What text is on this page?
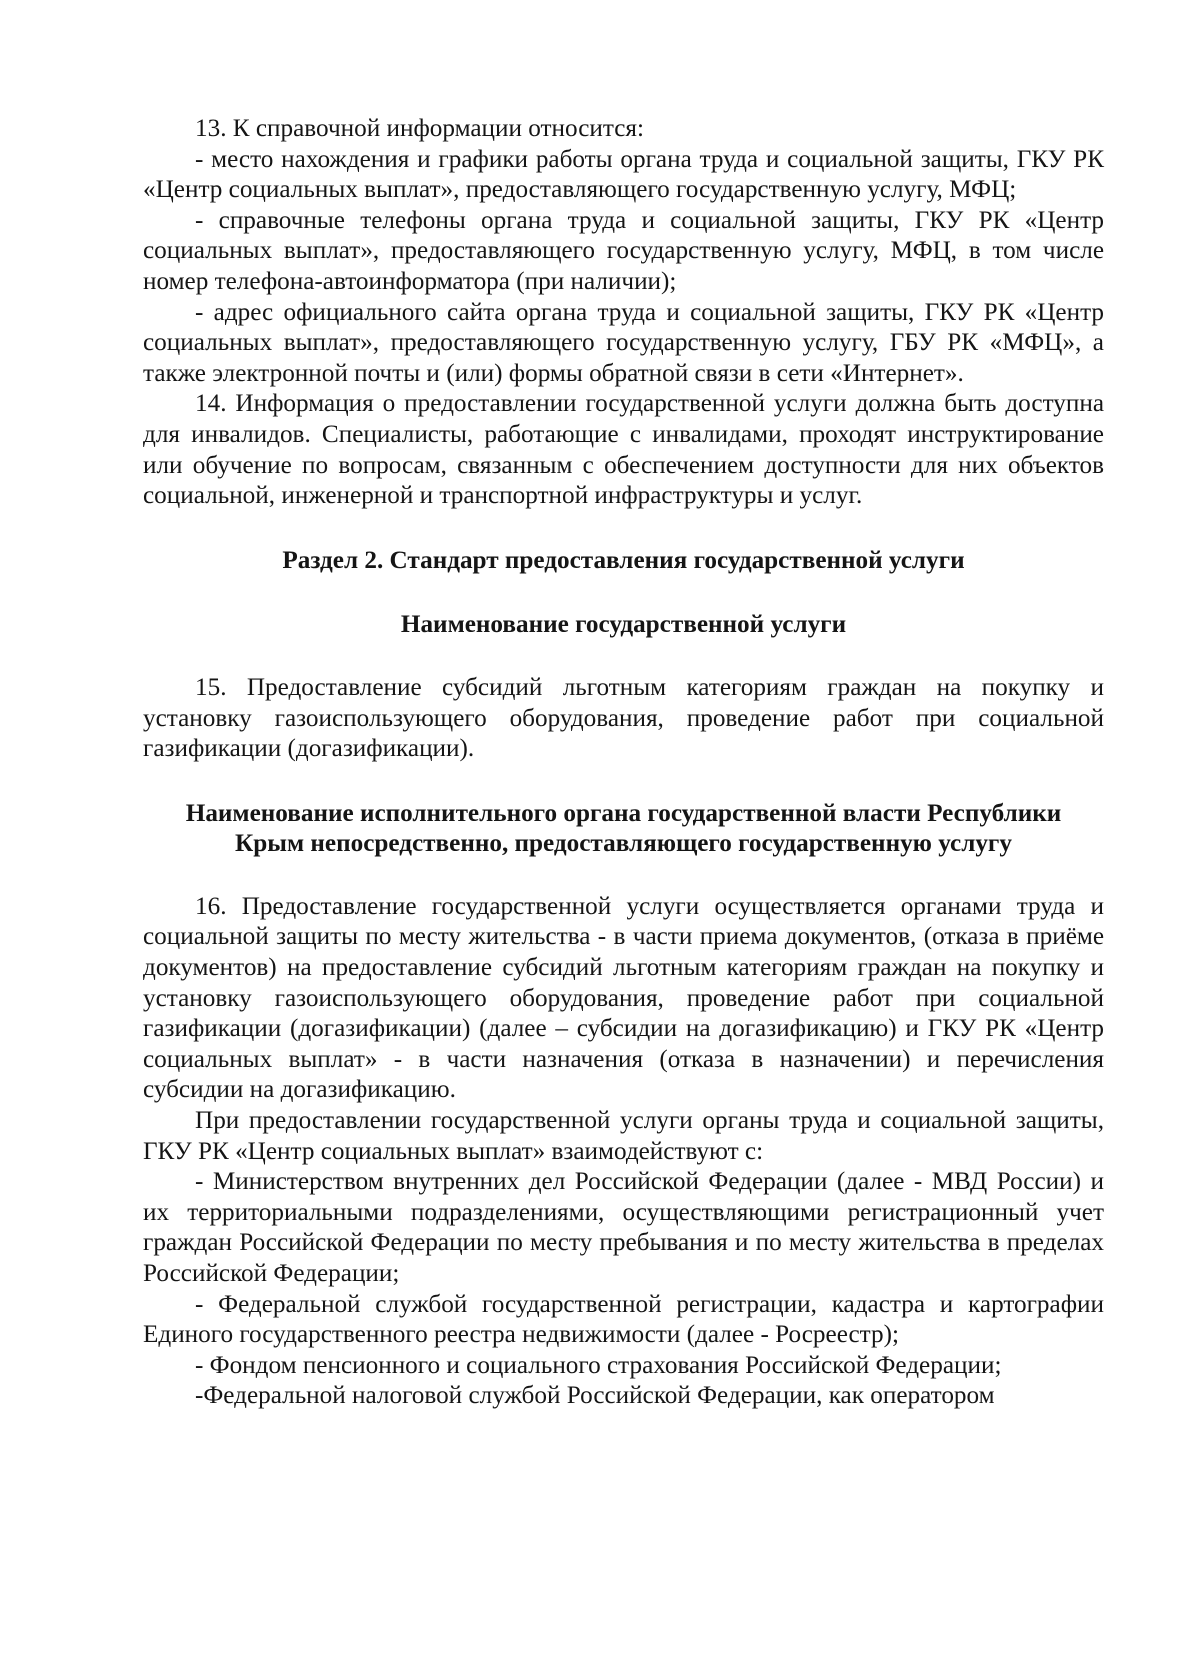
13. К справочной информации относится:

- место нахождения и графики работы органа труда и социальной защиты, ГКУ РК «Центр социальных выплат», предоставляющего государственную услугу, МФЦ;

- справочные телефоны органа труда и социальной защиты, ГКУ РК «Центр социальных выплат», предоставляющего государственную услугу, МФЦ, в том числе номер телефона-автоинформатора (при наличии);

- адрес официального сайта органа труда и социальной защиты, ГКУ РК «Центр социальных выплат», предоставляющего государственную услугу, ГБУ РК «МФЦ», а также электронной почты и (или) формы обратной связи в сети «Интернет».

14. Информация о предоставлении государственной услуги должна быть доступна для инвалидов. Специалисты, работающие с инвалидами, проходят инструктирование или обучение по вопросам, связанным с обеспечением доступности для них объектов социальной, инженерной и транспортной инфраструктуры и услуг.

Раздел 2. Стандарт предоставления государственной услуги

Наименование государственной услуги

15. Предоставление субсидий льготным категориям граждан на покупку и установку газоиспользующего оборудования, проведение работ при социальной газификации (догазификации).

Наименование исполнительного органа государственной власти Республики
Крым непосредственно, предоставляющего государственную услугу

16. Предоставление государственной услуги осуществляется органами труда и социальной защиты по месту жительства - в части приема документов, (отказа в приёме документов) на предоставление субсидий льготным категориям граждан на покупку и установку газоиспользующего оборудования, проведение работ при социальной газификации (догазификации) (далее – субсидии на догазификацию) и ГКУ РК «Центр социальных выплат» - в части назначения (отказа в назначении) и перечисления субсидии на догазификацию.

При предоставлении государственной услуги органы труда и социальной защиты, ГКУ РК «Центр социальных выплат» взаимодействуют с:

- Министерством внутренних дел Российской Федерации (далее - МВД России) и их территориальными подразделениями, осуществляющими регистрационный учет граждан Российской Федерации по месту пребывания и по месту жительства в пределах Российской Федерации;

- Федеральной службой государственной регистрации, кадастра и картографии Единого государственного реестра недвижимости (далее - Росреестр);

- Фондом пенсионного и социального страхования Российской Федерации;

-Федеральной налоговой службой Российской Федерации, как оператором
